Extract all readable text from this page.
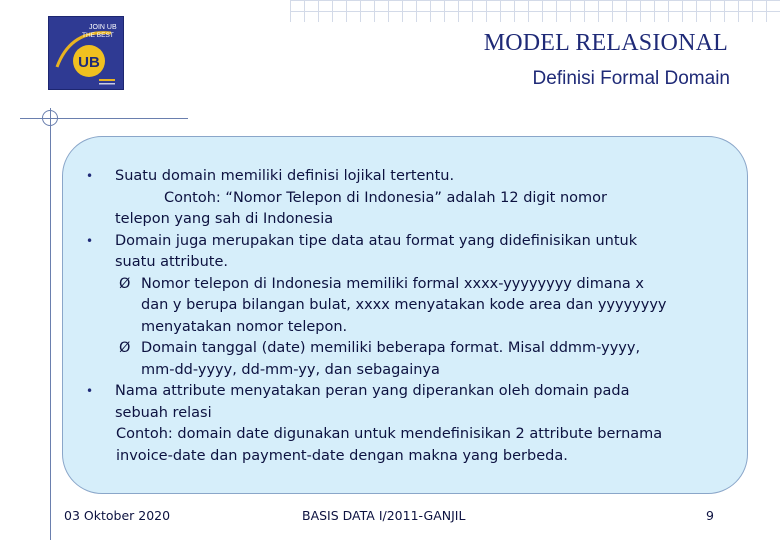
UB
JOIN UB
THE BEST	MODEL RELASIONAL
Definisi Formal Domain
•	Suatu domain memiliki definisi lojikal tertentu.
Contoh: “Nomor Telepon di Indonesia” adalah 12 digit nomor
telepon yang sah di Indonesia
•	Domain juga merupakan tipe data atau format yang didefinisikan untuk
suatu attribute.
Ø Nomor telepon di Indonesia memiliki formal xxxx-yyyyyyyy dimana x
dan y berupa bilangan bulat, xxxx menyatakan kode area dan yyyyyyyy
menyatakan nomor telepon.
Ø Domain tanggal (date) memiliki beberapa format. Misal ddmm-yyyy,
mm-dd-yyyy, dd-mm-yy, dan sebagainya
•	Nama attribute menyatakan peran yang diperankan oleh domain pada
sebuah relasi
Contoh: domain date digunakan untuk mendefinisikan 2 attribute bernama
invoice-date dan payment-date dengan makna yang berbeda.
03 Oktober 2020	BASIS DATA I/2011-GANJIL	9
